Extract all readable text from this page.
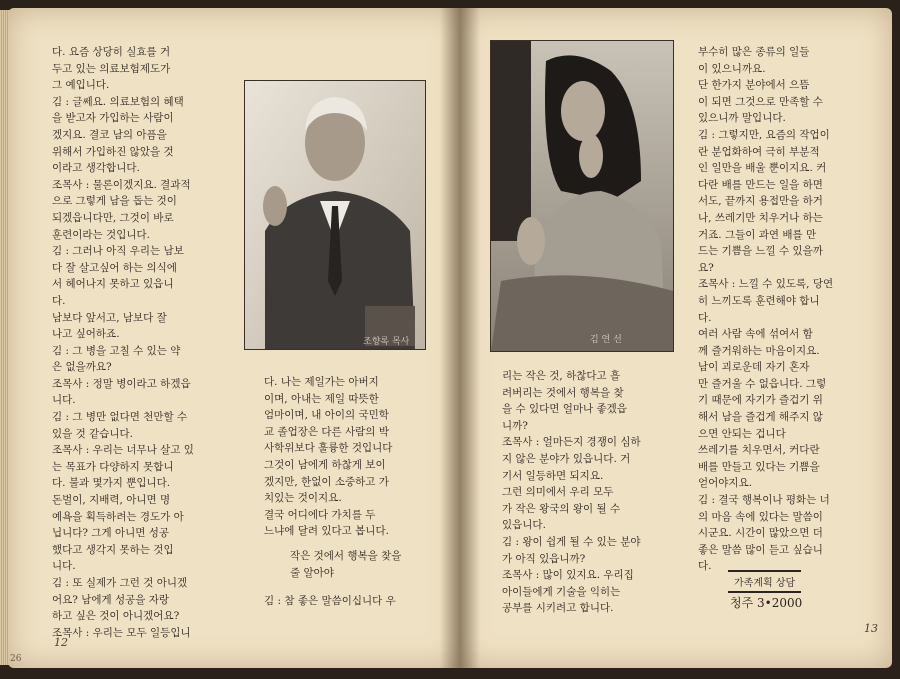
다. 요즘 상당히 실효를 거

두고 있는 의료보험제도가

그 예입니다.

김 : 글쎄요. 의료보험의 혜택

을 받고자 가입하는 사람이

겠지요. 결코 남의 아픔을

위해서 가입하진 않았을 것

이라고 생각합니다.

조목사 : 물론이겠지요. 결과적

으로 그렇게 남을 돕는 것이

되겠읍니다만, 그것이 바로

훈련이라는 것입니다.

김 : 그러나 아직 우리는 남보

다 잘 살고싶어 하는 의식에

서 헤어나지 못하고 있읍니

다.

남보다 앞서고, 남보다 잘

나고 싶어하죠.

김 : 그 병을 고칠 수 있는 약

은 없을까요?

조목사 : 정말 병이라고 하겠읍

니다.

김 : 그 병만 없다면 천만할 수

있을 것 같습니다.

조목사 : 우리는 너무나 살고 있

는 목표가 다양하지 못합니

다. 불과 몇가지 뿐입니다.

돈벌이, 지배력, 아니면 명

예욕을 획득하려는 경도가 아

닙니다? 그게 아니면 성공

했다고 생각지 못하는 것입

니다.

김 : 또 실제가 그런 것 아니겠

어요? 남에게 성공을 자랑

하고 싶은 것이 아니겠어요?

조목사 : 우리는 모두 일등입니

조향록 목사

다. 나는 제일가는 아버지

이며, 아내는 제일 따뜻한

엄마이며, 내 아이의 국민학

교 졸업장은 다른 사람의 박

사학위보다 훌륭한 것입니다

그것이 남에게 하찮게 보이

겠지만, 한없이 소중하고 가

치있는 것이지요.

결국 어디에다 가치를 두

느냐에 달려 있다고 봅니다.

작은 것에서 행복을 찾을

줄 알아야

김 : 참 좋은 말씀이십니다 우

12
26
김 연 선

리는 작은 것, 하찮다고 흘

려버리는 것에서 행복을 찾

을 수 있다면 얼마나 좋겠읍

니까?

조목사 : 얼마든지 경쟁이 심하

지 않은 분야가 있읍니다. 거

기서 일등하면 되지요.

그런 의미에서 우리 모두

가 작은 왕국의 왕이 될 수

있읍니다.

김 : 왕이 쉽게 될 수 있는 분야

가 아직 있읍니까?

조목사 : 많이 있지요. 우리집

아이들에게 기술을 익히는

공부를 시키려고 합니다.

부수히 많은 종류의 일들

이 있으니까요.

단 한가지 분야에서 으뜸

이 되면 그것으로 만족할 수

있으니까 말입니다.

김 : 그렇지만, 요즘의 작업이

란 분업화하여 극히 부분적

인 일만을 배울 뿐이지요. 커

다란 배를 만드는 일을 하면

서도, 끝까지 용접만을 하거

나, 쓰레기만 치우거나 하는

거죠. 그들이 과연 배를 만

드는 기쁨을 느낄 수 있을까

요?

조목사 : 느낄 수 있도록, 당연

히 느끼도록 훈련해야 합니

다.

여러 사람 속에 섞여서 함

께 즐거워하는 마음이지요.

남이 괴로운데 자기 혼자

만 즐거울 수 없읍니다. 그렇

기 때문에 자기가 즐겁기 위

해서 남을 즐겁게 해주지 않

으면 안되는 겁니다

쓰레기를 치우면서, 커다란

배를 만들고 있다는 기쁨을

얻어야지요.

김 : 결국 행복이나 평화는 너

의 마음 속에 있다는 말씀이

시군요. 시간이 많았으면 더

좋은 말씀 많이 듣고 싶습니

다.

가족계획 상담
청주 3•2000
13
